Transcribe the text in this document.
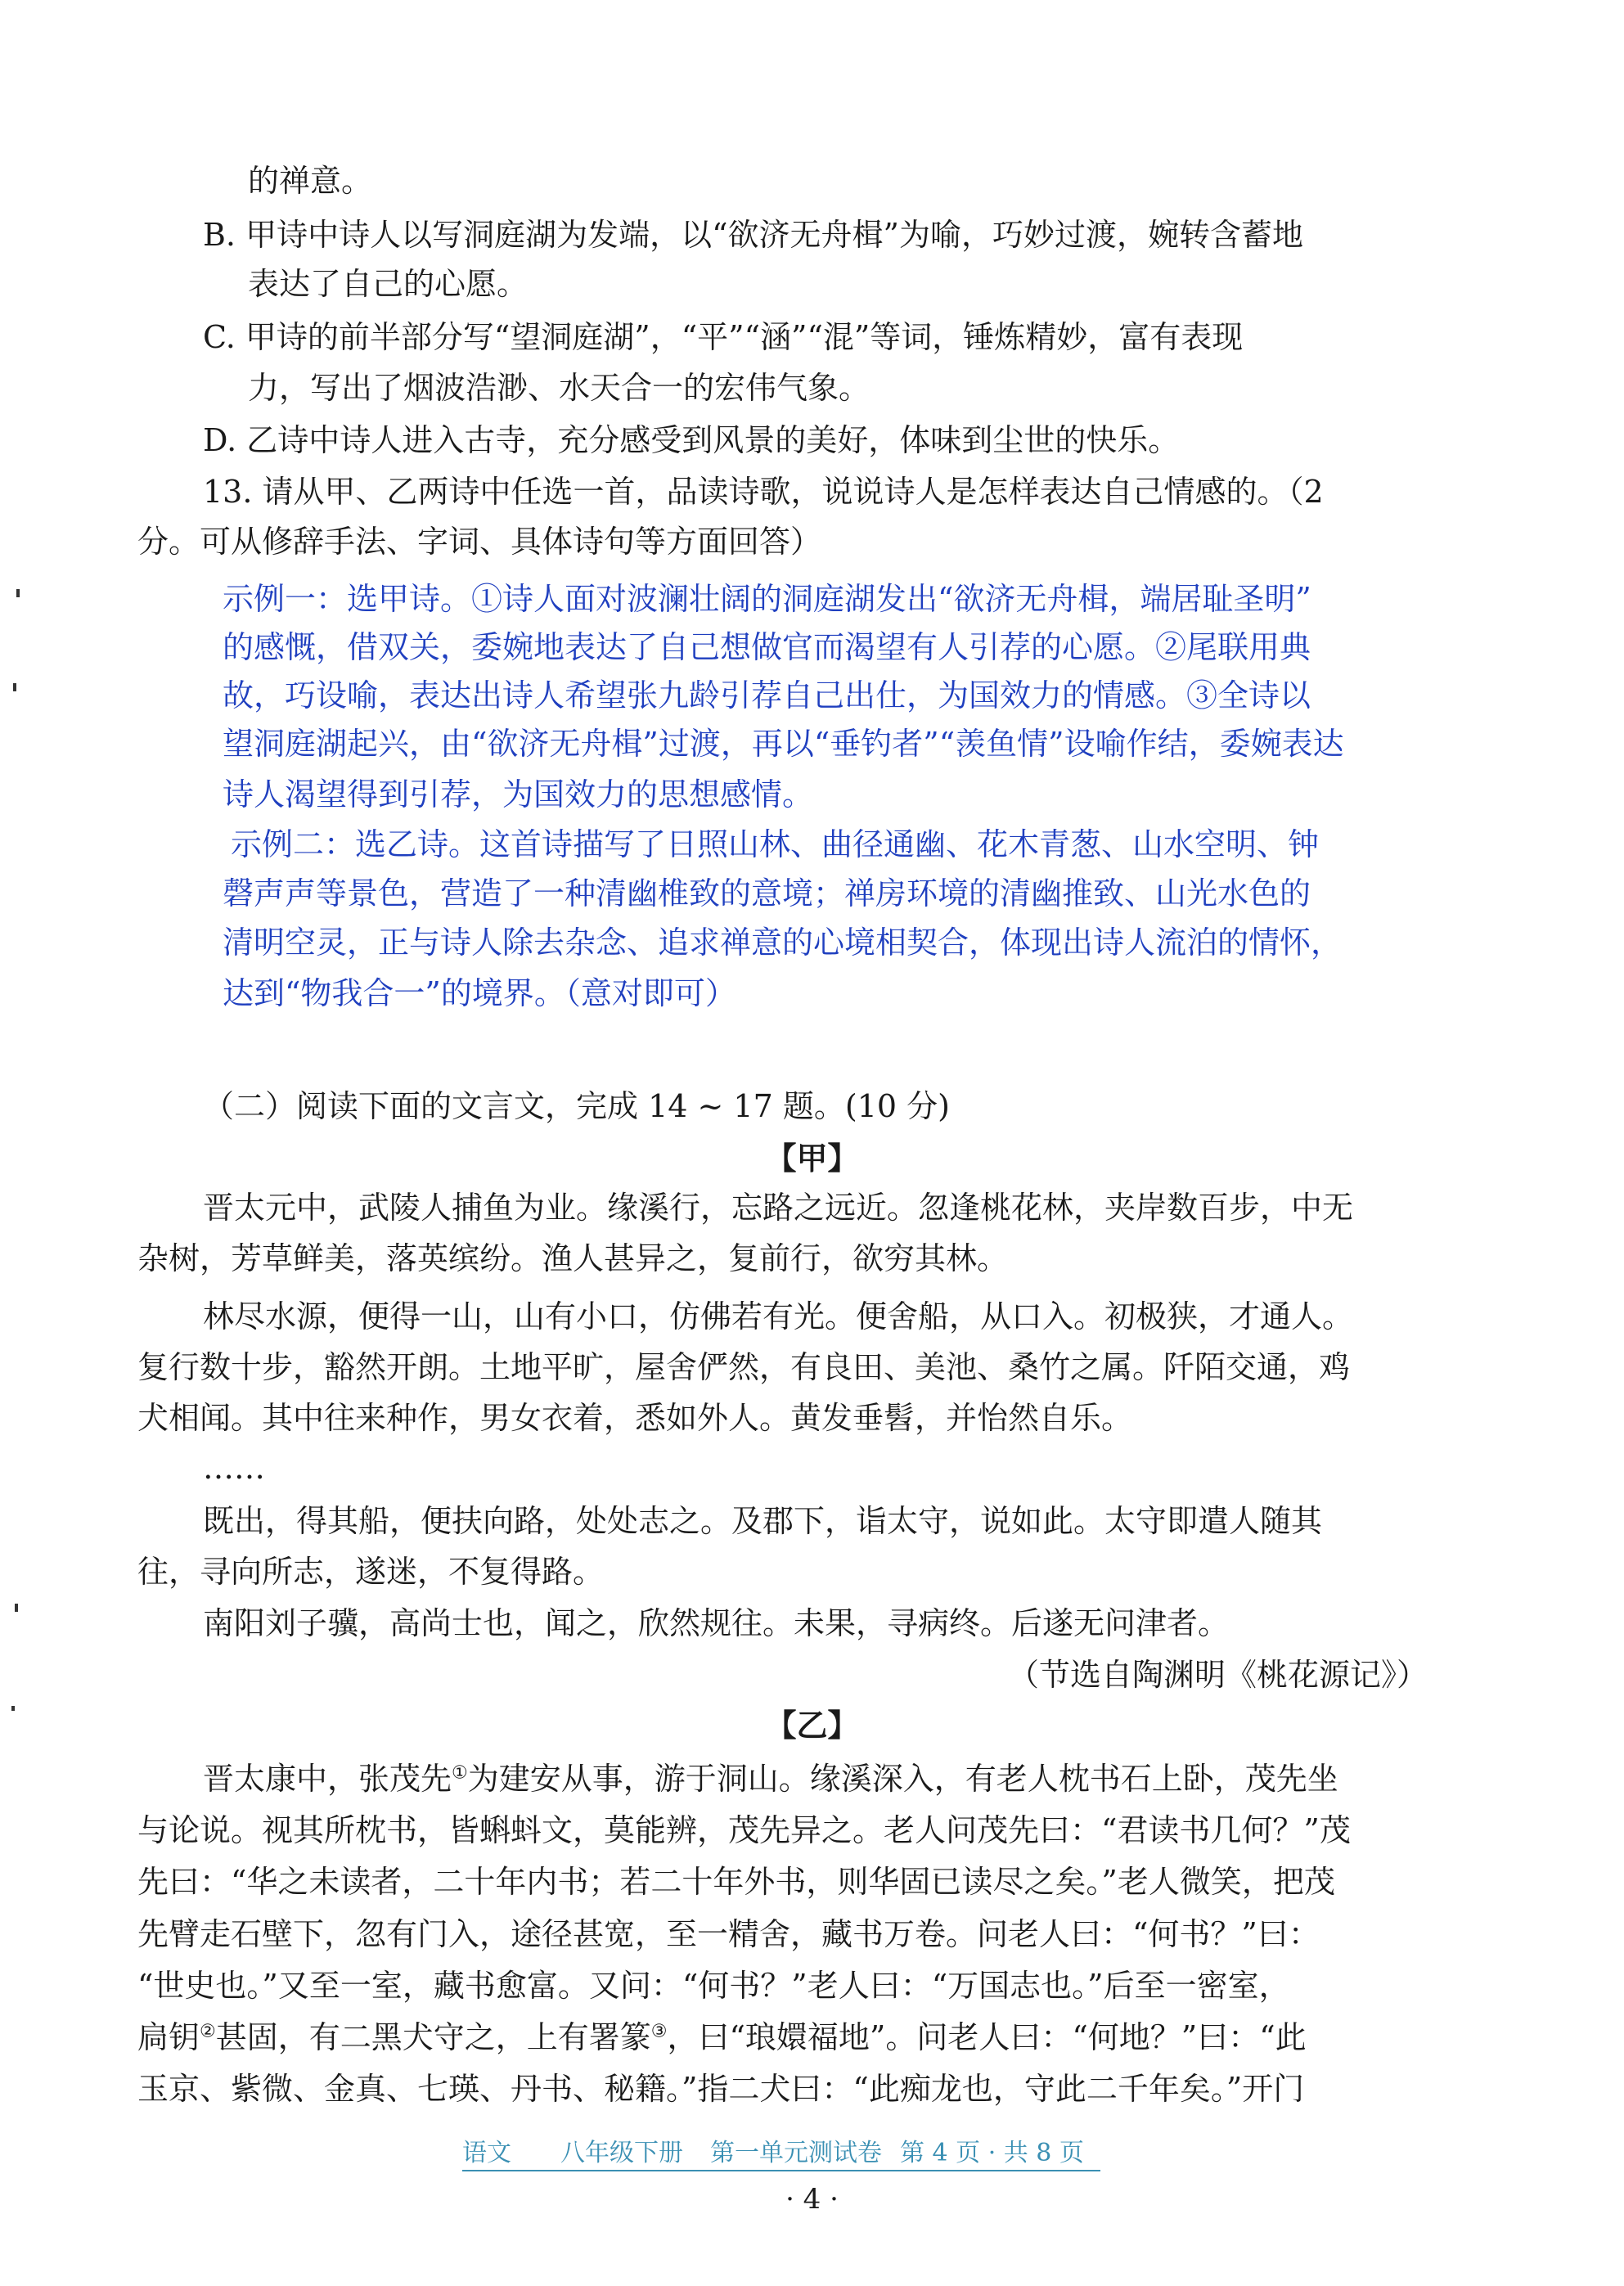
的禅意。
B. 甲诗中诗人以写洞庭湖为发端，以“欲济无舟楫”为喻，巧妙过渡，婉转含蓄地
表达了自己的心愿。
C. 甲诗的前半部分写“望洞庭湖”，“平”“涵”“混”等词，锤炼精妙，富有表现
力，写出了烟波浩渺、水天合一的宏伟气象。
D. 乙诗中诗人进入古寺，充分感受到风景的美好，体味到尘世的快乐。
13. 请从甲、乙两诗中任选一首，品读诗歌，说说诗人是怎样表达自己情感的。（2
分。可从修辞手法、字词、具体诗句等方面回答）
示例一：选甲诗。①诗人面对波澜壮阔的洞庭湖发出“欲济无舟楫，端居耻圣明”
的感慨，借双关，委婉地表达了自己想做官而渴望有人引荐的心愿。②尾联用典
故，巧设喻，表达出诗人希望张九龄引荐自己出仕，为国效力的情感。③全诗以
望洞庭湖起兴，由“欲济无舟楫”过渡，再以“垂钓者”“羡鱼情”设喻作结，委婉表达
诗人渴望得到引荐，为国效力的思想感情。
示例二：选乙诗。这首诗描写了日照山林、曲径通幽、花木青葱、山水空明、钟
磬声声等景色，营造了一种清幽椎致的意境；禅房环境的清幽推致、山光水色的
清明空灵，正与诗人除去杂念、追求禅意的心境相契合，体现出诗人流泊的情怀，
达到“物我合一”的境界。（意对即可）
（二）阅读下面的文言文，完成 14 ~ 17 题。(10 分)
【甲】
晋太元中，武陵人捕鱼为业。缘溪行，忘路之远近。忽逢桃花林，夹岸数百步，中无
杂树，芳草鲜美，落英缤纷。渔人甚异之，复前行，欲穷其林。
林尽水源，便得一山，山有小口，仿佛若有光。便舍船，从口入。初极狭，才通人。
复行数十步，豁然开朗。土地平旷，屋舍俨然，有良田、美池、桑竹之属。阡陌交通，鸡
犬相闻。其中往来种作，男女衣着，悉如外人。黄发垂髫，并怡然自乐。
……
既出，得其船，便扶向路，处处志之。及郡下，诣太守，说如此。太守即遣人随其
往，寻向所志，遂迷，不复得路。
南阳刘子骥，高尚士也，闻之，欣然规往。未果，寻病终。后遂无问津者。
（节选自陶渊明《桃花源记》）
【乙】
晋太康中，张茂先①为建安从事，游于洞山。缘溪深入，有老人枕书石上卧，茂先坐
与论说。视其所枕书，皆蝌蚪文，莫能辨，茂先异之。老人问茂先曰：“君读书几何？”茂
先曰：“华之未读者，二十年内书；若二十年外书，则华固已读尽之矣。”老人微笑，把茂
先臂走石壁下，忽有门入，途径甚宽，至一精舍，藏书万卷。问老人曰：“何书？”曰：
“世史也。”又至一室，藏书愈富。又问：“何书？”老人曰：“万国志也。”后至一密室，
扃钥②甚固，有二黑犬守之，上有署篆③，曰“琅嬛福地”。问老人曰：“何地？”曰：“此
玉京、紫微、金真、七瑛、丹书、秘籍。”指二犬曰：“此痴龙也，守此二千年矣。”开门
语文 八年级下册 第一单元测试卷 第 4 页 · 共 8 页
· 4 ·
